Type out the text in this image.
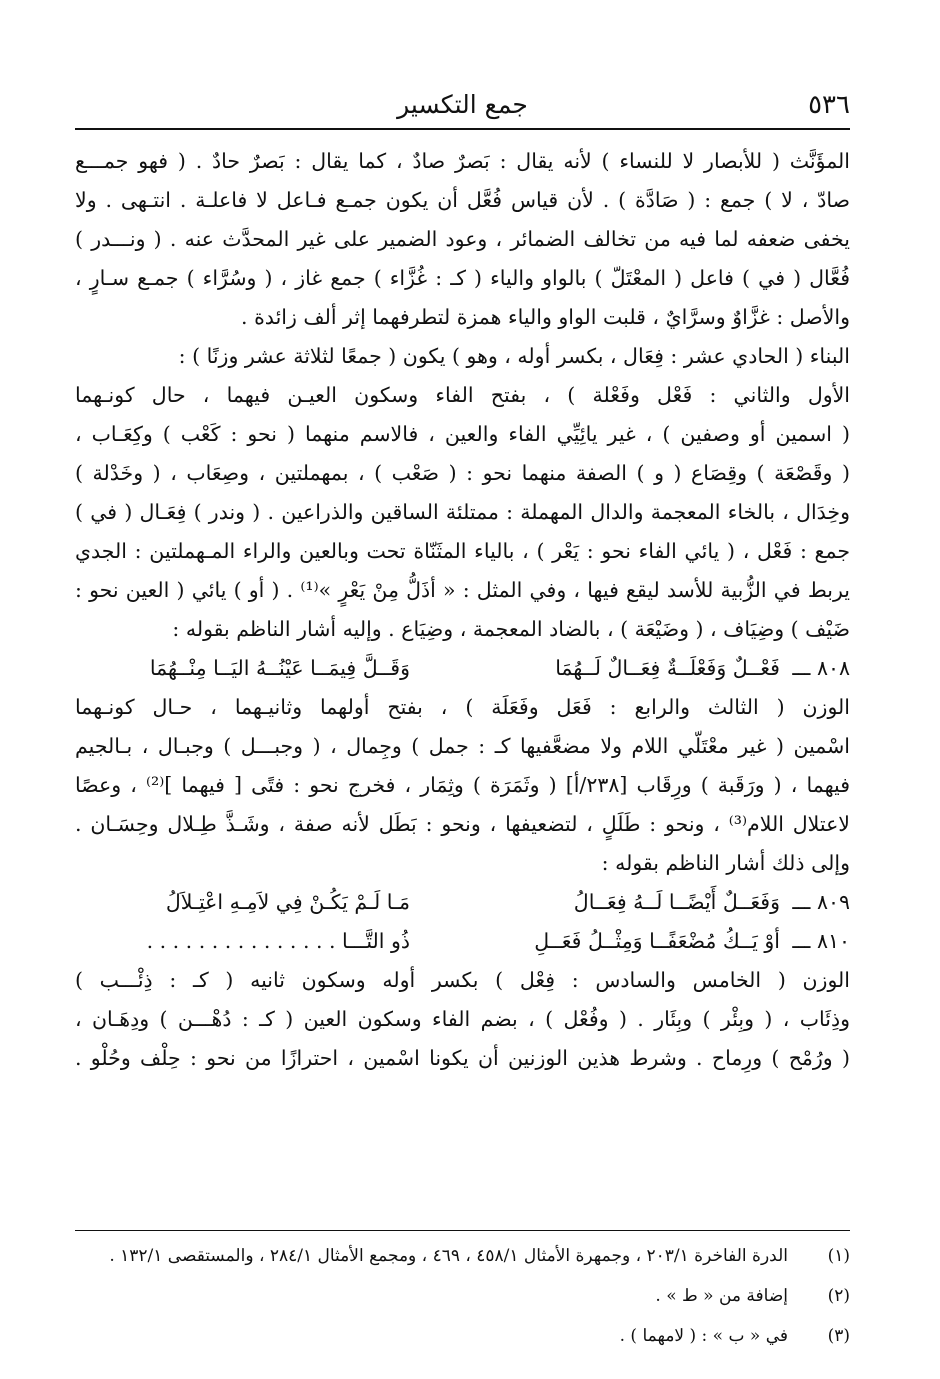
٥٣٦
جمع التكسير
المؤَنَّث ( للأبصار لا للنساء ) لأنه يقال : بَصرٌ صادٌ ، كما يقال : بَصرٌ حادٌ . ( فهو جمـــع
صادّ ، لا ) جمع : ( صَادَّة ) . لأن قياس فُعَّل أن يكون جمـع فـاعل لا فاعلـة . انتـهى . ولا
يخفى ضعفه لما فيه من تخالف الضمائر ، وعود الضمير على غير المحدَّث عنه . ( ونـــدر )
فُعَّال ( في ) فاعل ( المعْتَلّ ) بالواو والياء ( كـ : غُزَّاء ) جمع غاز ، ( وسُرَّاء ) جمـع سـارٍ ،
والأصل : غزَّاوٌ وسرَّايٌ ، قلبت الواو والياء همزة لتطرفهما إثر ألف زائدة .
البناء ( الحادي عشر : فِعَال ، بكسر أوله ، وهو ) يكون ( جمعًا لثلاثة عشر وزنًا ) :
الأول والثاني : فَعْل وفَعْلة ) ، بفتح الفاء وسكون العيـن فيهما ، حال كونـهما
( اسمين أو وصفين ) ، غير يائِيِّي الفاء والعين ، فالاسم منهما ( نحو : كَعْب ) وكِعَـاب ،
( وقَصْعَة ) وقِصَاع ( و ) الصفة منهما نحو : ( صَعْب ) ، بمهملتين ، وصِعَاب ، ( وخَدْلة )
وخِدَال ، بالخاء المعجمة والدال المهملة : ممتلئة الساقين والذراعين . ( وندر ) فِعَـال ( في )
جمع : فَعْل ، ( يائي الفاء نحو : يَعْر ) ، بالياء المثَنّاة تحت وبالعين والراء المـهملتين : الجدي
يربط في الزُّبية للأسد ليقع فيها ، وفي المثل : « أذَلُّ مِنْ يَعْرٍ »⁽¹⁾ . ( أو ) يائي ( العين نحو :
ضَيْف ) وضِيَاف ، ( وضَيْعَة ) ، بالضاد المعجمة ، وضِيَاع . وإليه أشار الناظم بقوله :
٨٠٨ ـــ
فَعْــلٌ وَفَعْلَــةٌ فِعَــالٌ لَــهُمَا
وَقَــلَّ فِيمَــا عَيْنُــهُ اليَــا مِنْــهُمَا
الوزن ( الثالث والرابع : فَعَل وفَعَلَة ) ، بفتح أولهما وثانيـهما ، حـال كونـهما
اسْمين ( غير معْتَلّي اللام ولا مضعَّفيها كـ : جمل ) وجِمال ، ( وجبـــل ) وجبـال ، بـالجيم
فيهما ، ( ورَقَبة ) ورِقَاب [٢٣٨/أ] ( وثَمَرَة ) وثِمَار ، فخرج نحو : فتًى [ فيهما ]⁽²⁾ ، وعصًا
لاعتلال اللام⁽³⁾ ، ونحو : طَلَلٍ ، لتضعيفها ، ونحو : بَطَل لأنه صفة ، وشَـذَّ طِـلال وحِسَـان .
وإلى ذلك أشار الناظم بقوله :
٨٠٩ ـــ
وَفَعَــلٌ أَيْضًــا لَــهُ فِعَــالُ
مَـا لَـمْ يَكُـنْ فِي لاَمِـهِ اعْتِـلاَلُ
٨١٠ ـــ
أوْ يَــكُ مُضْعَفًــا وَمِثْــلُ فَعَــلِ
ذُو التَّـــا . . . . . . . . . . . . . . .
الوزن ( الخامس والسادس : فِعْل ) بكسر أوله وسكون ثانيه ( كـ : ذِئْـــب )
وذِئَاب ، ( وبِئْر ) وبِئَار . ( وفُعْل ) ، بضم الفاء وسكون العين ( كـ : دُهْـــن ) ودِهَـان ،
( ورُمْح ) ورِماح . وشرط هذين الوزنين أن يكونا اسْمين ، احترازًا من نحو : حِلْف وحُلْو .
(١)
الدرة الفاخرة ٢٠٣/١ ، وجمهرة الأمثال ٤٥٨/١ ، ٤٦٩ ، ومجمع الأمثال ٢٨٤/١ ، والمستقصى ١٣٢/١ .
(٢)
إضافة من « ط » .
(٣)
في « ب » : ( لامهما ) .
